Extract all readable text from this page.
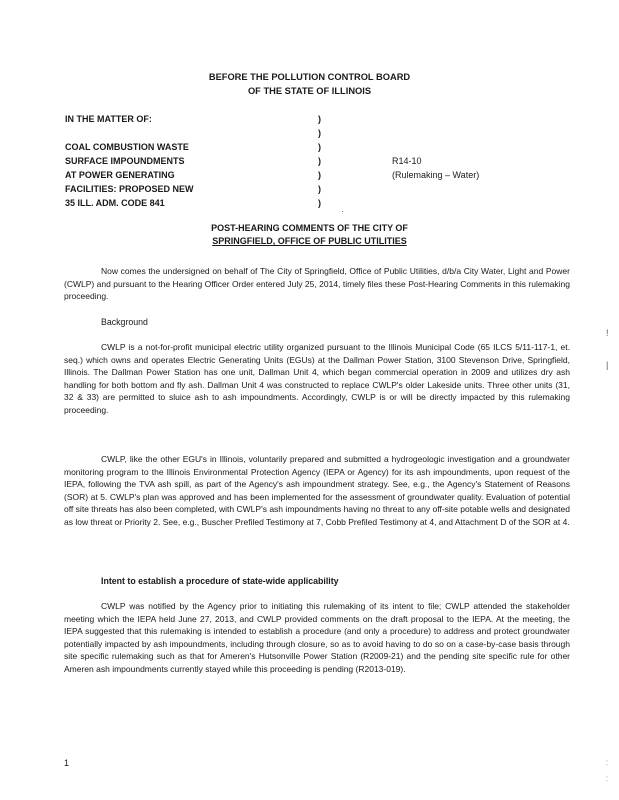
BEFORE THE POLLUTION CONTROL BOARD
OF THE STATE OF ILLINOIS
IN THE MATTER OF:
COAL COMBUSTION WASTE
SURFACE IMPOUNDMENTS
AT POWER GENERATING
FACILITIES: PROPOSED NEW
35 ILL. ADM. CODE 841
)
)
)
)
)
)
)
R14-10
(Rulemaking – Water)
·
POST-HEARING COMMENTS OF THE CITY OF
SPRINGFIELD, OFFICE OF PUBLIC UTILITIES
Now comes the undersigned on behalf of The City of Springfield, Office of Public Utilities, d/b/a City Water, Light and Power (CWLP) and pursuant to the Hearing Officer Order entered July 25, 2014, timely files these Post-Hearing Comments in this rulemaking proceeding.
Background
CWLP is a not-for-profit municipal electric utility organized pursuant to the Illinois Municipal Code (65 ILCS 5/11-117-1, et. seq.) which owns and operates Electric Generating Units (EGUs) at the Dallman Power Station, 3100 Stevenson Drive, Springfield, Illinois. The Dallman Power Station has one unit, Dallman Unit 4, which began commercial operation in 2009 and utilizes dry ash handling for both bottom and fly ash. Dallman Unit 4 was constructed to replace CWLP's older Lakeside units. Three other units (31, 32 & 33) are permitted to sluice ash to ash impoundments. Accordingly, CWLP is or will be directly impacted by this rulemaking proceeding.
CWLP, like the other EGU's in Illinois, voluntarily prepared and submitted a hydrogeologic investigation and a groundwater monitoring program to the Illinois Environmental Protection Agency (IEPA or Agency) for its ash impoundments, upon request of the IEPA, following the TVA ash spill, as part of the Agency's ash impoundment strategy. See, e.g., the Agency's Statement of Reasons (SOR) at 5. CWLP's plan was approved and has been implemented for the assessment of groundwater quality. Evaluation of potential off site threats has also been completed, with CWLP's ash impoundments having no threat to any off-site potable wells and designated as low threat or Priority 2. See, e.g., Buscher Prefiled Testimony at 7, Cobb Prefiled Testimony at 4, and Attachment D of the SOR at 4.
Intent to establish a procedure of state-wide applicability
CWLP was notified by the Agency prior to initiating this rulemaking of its intent to file; CWLP attended the stakeholder meeting which the IEPA held June 27, 2013, and CWLP provided comments on the draft proposal to the IEPA. At the meeting, the IEPA suggested that this rulemaking is intended to establish a procedure (and only a procedure) to address and protect groundwater potentially impacted by ash impoundments, including through closure, so as to avoid having to do so on a case-by-case basis through site specific rulemaking such as that for Ameren's Hutsonville Power Station (R2009-21) and the pending site specific rule for other Ameren ash impoundments currently stayed while this proceeding is pending (R2013-019).
1
!
|
⁚
⁚
